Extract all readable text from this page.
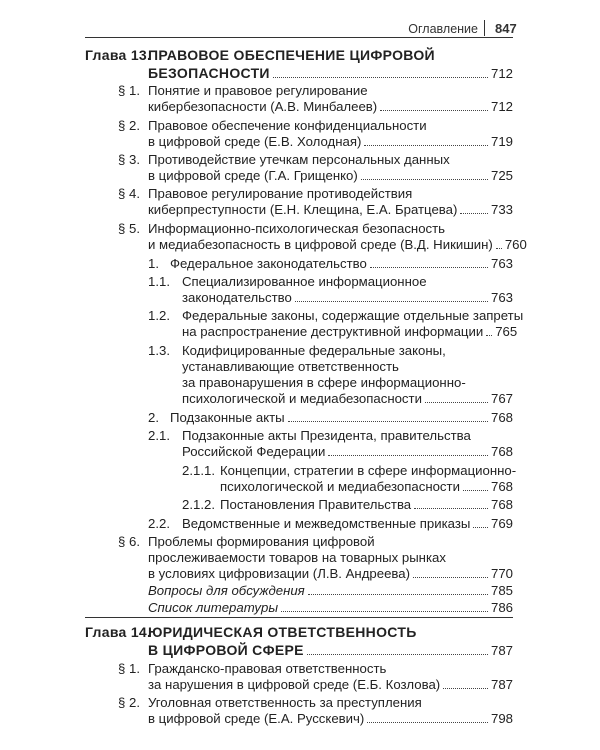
Оглавление 847
Глава 13.
ПРАВОВОЕ ОБЕСПЕЧЕНИЕ ЦИФРОВОЙ
БЕЗОПАСНОСТИ	712
§ 1. Понятие и правовое регулирование
кибербезопасности (А.В. Минбалеев)	712
§ 2. Правовое обеспечение конфиденциальности
в цифровой среде (Е.В. Холодная)	719
§ 3. Противодействие утечкам персональных данных
в цифровой среде (Г.А. Грищенко)	725
§ 4. Правовое регулирование противодействия
киберпреступности (Е.Н. Клещина, Е.А. Братцева)	733
§ 5. Информационно-психологическая безопасность
и медиабезопасность в цифровой среде (В.Д. Никишин) 760
1.   Федеральное законодательство	763
1.1. Специализированное информационное
законодательство	763
1.2. Федеральные законы, содержащие отдельные запреты
на распространение деструктивной информации 765
1.3. Кодифицированные федеральные законы,
устанавливающие ответственность
за правонарушения в сфере информационно-
психологической и медиабезопасности	767
2.   Подзаконные акты	768
2.1. Подзаконные акты Президента, правительства
Российской Федерации	768
2.1.1. Концепции, стратегии в сфере информационно-
психологической и медиабезопасности 768
2.1.2. Постановления Правительства	768
2.2. Ведомственные и межведомственные приказы 769
§ 6. Проблемы формирования цифровой
прослеживаемости товаров на товарных рынках
в условиях цифровизации (Л.В. Андреева)	770
Вопросы для обсуждения	785
Список литературы	786
Глава 14.
ЮРИДИЧЕСКАЯ ОТВЕТСТВЕННОСТЬ
В ЦИФРОВОЙ СФЕРЕ	787
§ 1. Гражданско-правовая ответственность
за нарушения в цифровой среде (Е.Б. Козлова)	787
§ 2. Уголовная ответственность за преступления
в цифровой среде (Е.А. Русскевич)	798
